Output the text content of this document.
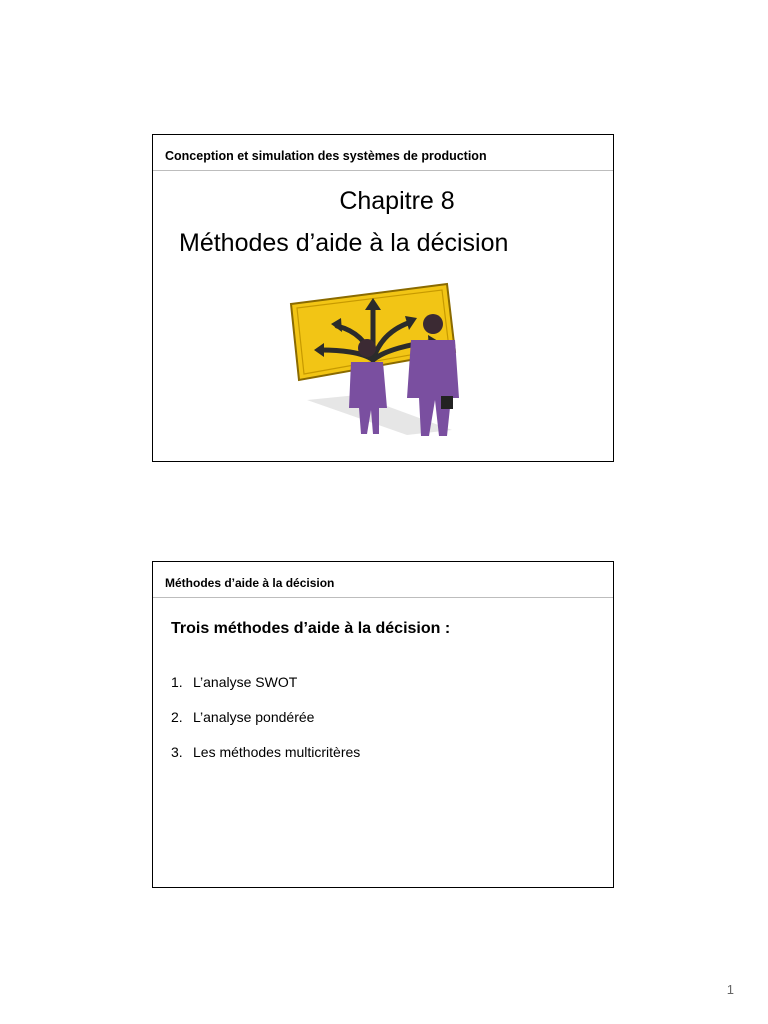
Conception et simulation des systèmes de production
Chapitre 8
Méthodes d’aide à la décision
Méthodes d’aide à la décision
Trois méthodes d’aide à la décision :
1. L’analyse SWOT
2. L’analyse pondérée
3. Les méthodes multicritères
1
